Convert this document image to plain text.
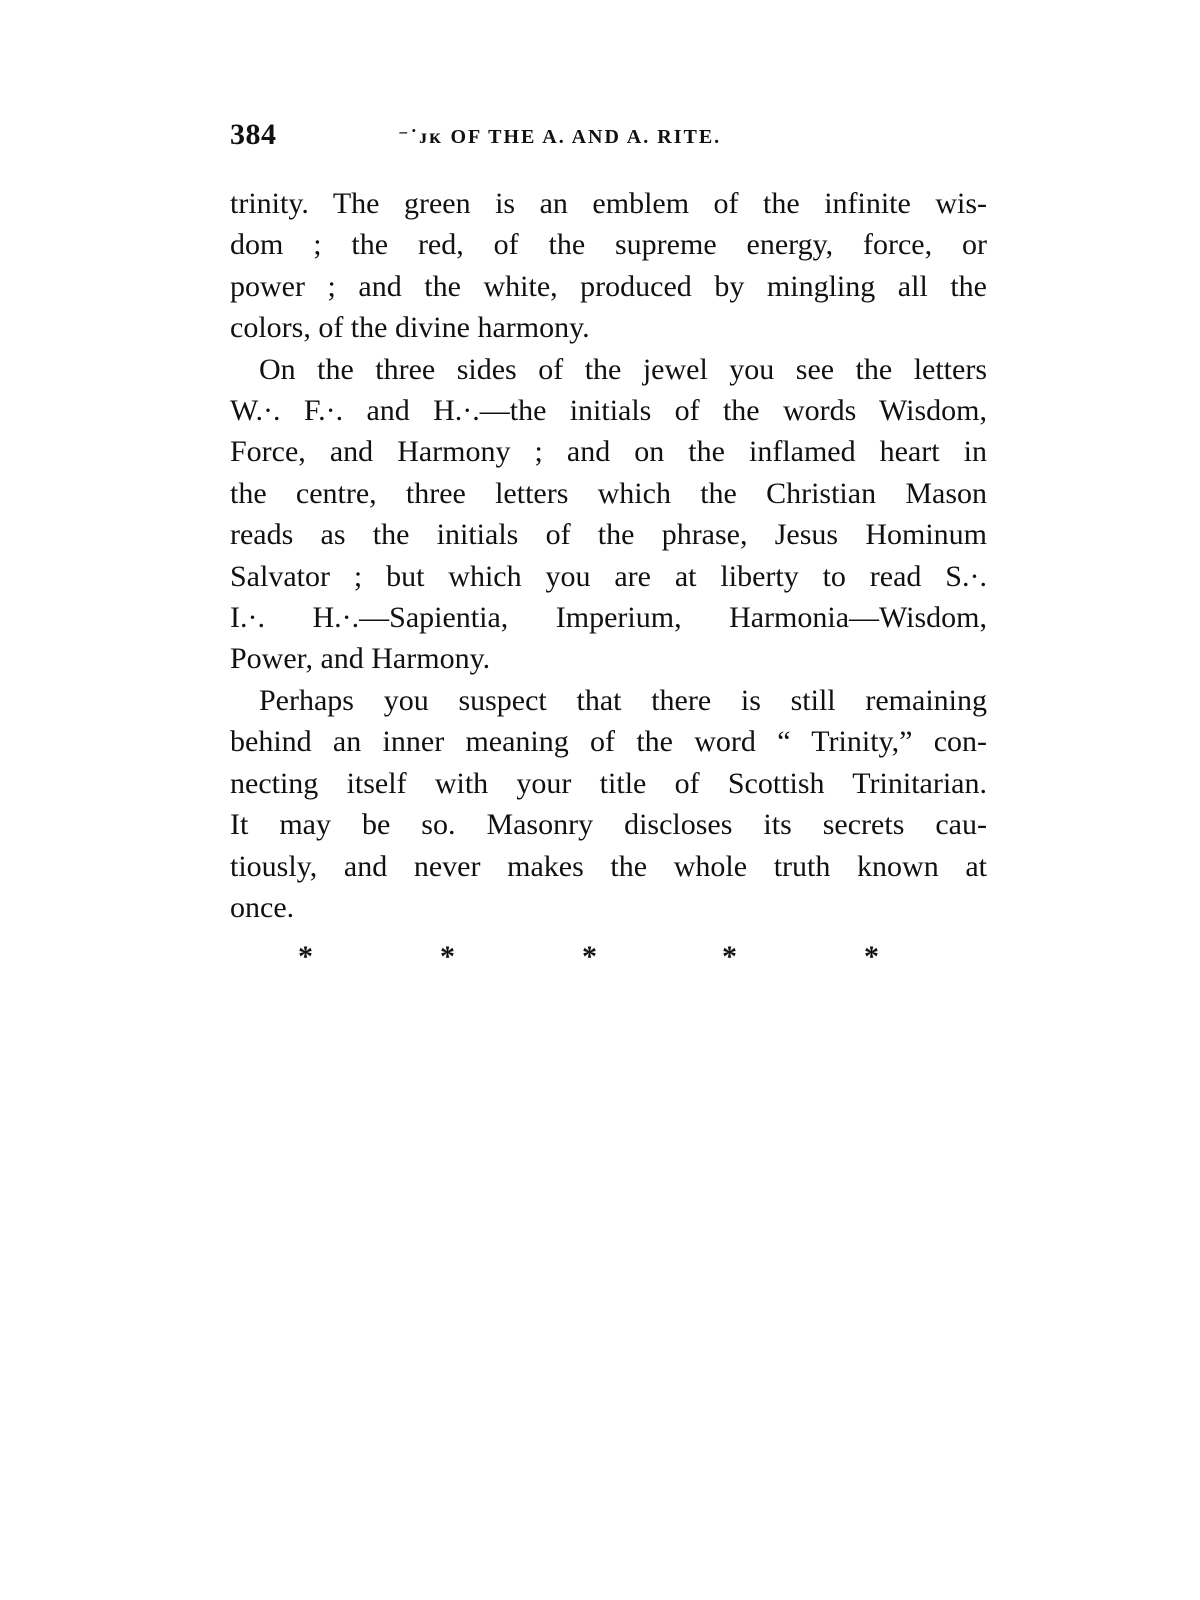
384	⁻˙ᴊᴋ OF THE A. AND A. RITE.

trinity. The green is an emblem of the infinite wis-
dom ; the red, of the supreme energy, force, or
power ; and the white, produced by mingling all the
colors, of the divine harmony.

On the three sides of the jewel you see the letters
W.·. F.·. and H.·.—the initials of the words Wisdom,
Force, and Harmony ; and on the inflamed heart in
the centre, three letters which the Christian Mason
reads as the initials of the phrase, Jesus Hominum
Salvator ; but which you are at liberty to read S.·.
I.·. H.·.—Sapientia, Imperium, Harmonia—Wisdom,
Power, and Harmony.

Perhaps you suspect that there is still remaining
behind an inner meaning of the word “ Trinity,” con-
necting itself with your title of Scottish Trinitarian.
It may be so. Masonry discloses its secrets cau-
tiously, and never makes the whole truth known at
once.

*	*	*	*	*
